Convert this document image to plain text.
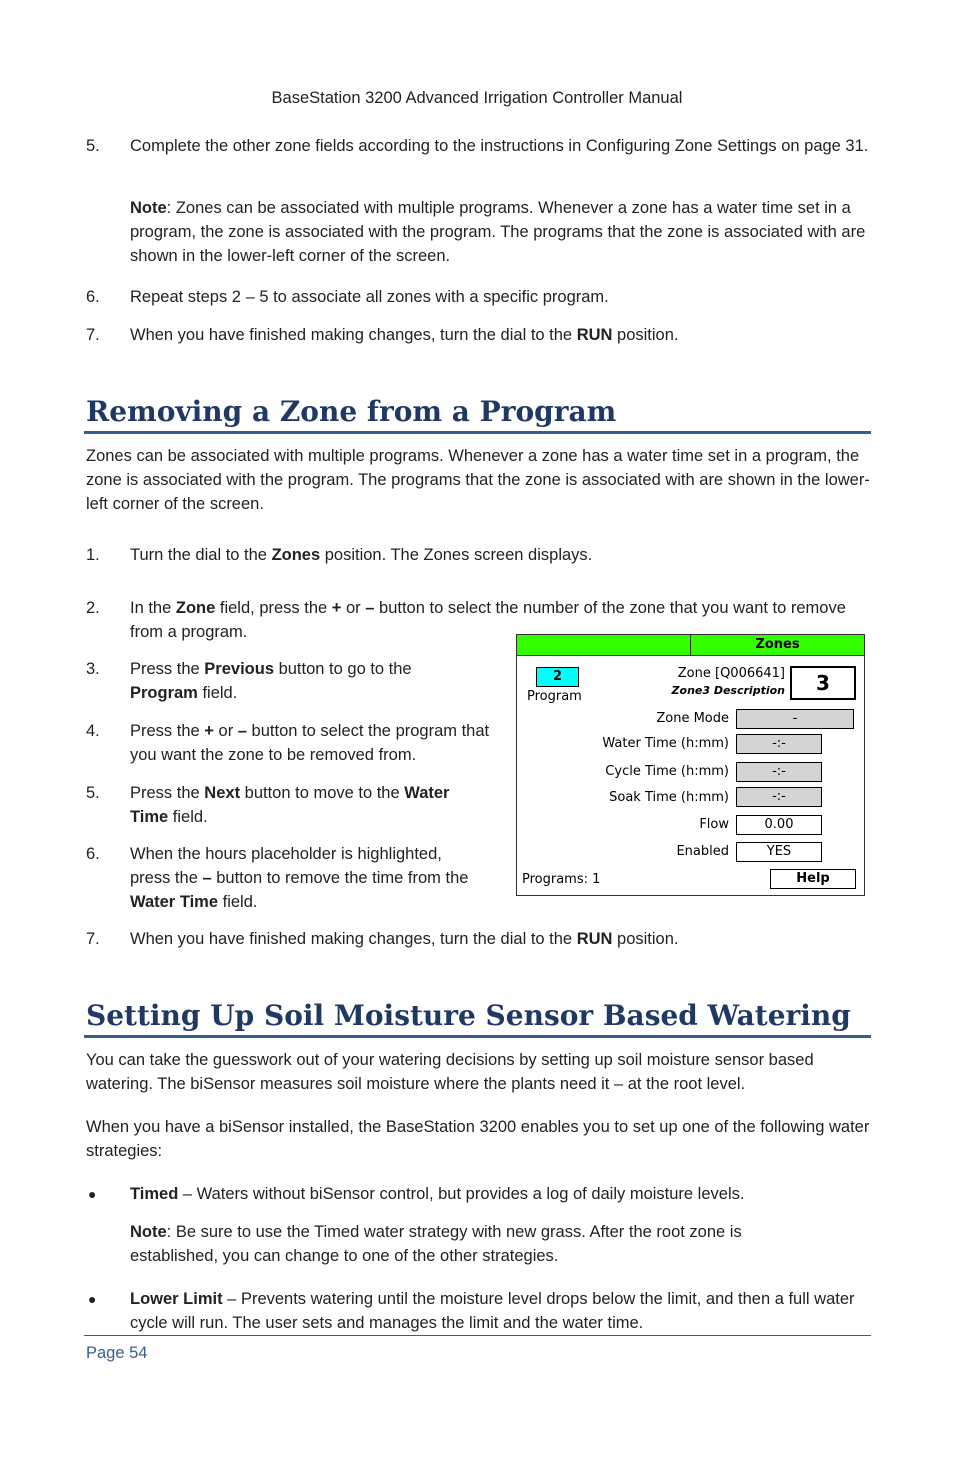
BaseStation 3200 Advanced Irrigation Controller Manual
5. Complete the other zone fields according to the instructions in Configuring Zone Settings on page 31.
Note: Zones can be associated with multiple programs. Whenever a zone has a water time set in a program, the zone is associated with the program. The programs that the zone is associated with are shown in the lower-left corner of the screen.
6. Repeat steps 2 – 5 to associate all zones with a specific program.
7. When you have finished making changes, turn the dial to the RUN position.
Removing a Zone from a Program
Zones can be associated with multiple programs. Whenever a zone has a water time set in a program, the zone is associated with the program. The programs that the zone is associated with are shown in the lower-left corner of the screen.
1. Turn the dial to the Zones position. The Zones screen displays.
2. In the Zone field, press the + or – button to select the number of the zone that you want to remove from a program.
3. Press the Previous button to go to the Program field.
4. Press the + or – button to select the program that you want the zone to be removed from.
5. Press the Next button to move to the Water Time field.
6. When the hours placeholder is highlighted, press the – button to remove the time from the Water Time field.
7. When you have finished making changes, turn the dial to the RUN position.
Zones
2
Program
Zone [Q006641]
Zone3 Description	3
Zone Mode	-
Water Time (h:mm)	-:-
Cycle Time (h:mm)	-:-
Soak Time (h:mm)	-:-
Flow	0.00
Enabled	YES
Programs: 1	Help
Setting Up Soil Moisture Sensor Based Watering
You can take the guesswork out of your watering decisions by setting up soil moisture sensor based watering. The biSensor measures soil moisture where the plants need it – at the root level.
When you have a biSensor installed, the BaseStation 3200 enables you to set up one of the following water strategies:
● Timed – Waters without biSensor control, but provides a log of daily moisture levels.
Note: Be sure to use the Timed water strategy with new grass. After the root zone is established, you can change to one of the other strategies.
● Lower Limit – Prevents watering until the moisture level drops below the limit, and then a full water cycle will run. The user sets and manages the limit and the water time.
Page 54
